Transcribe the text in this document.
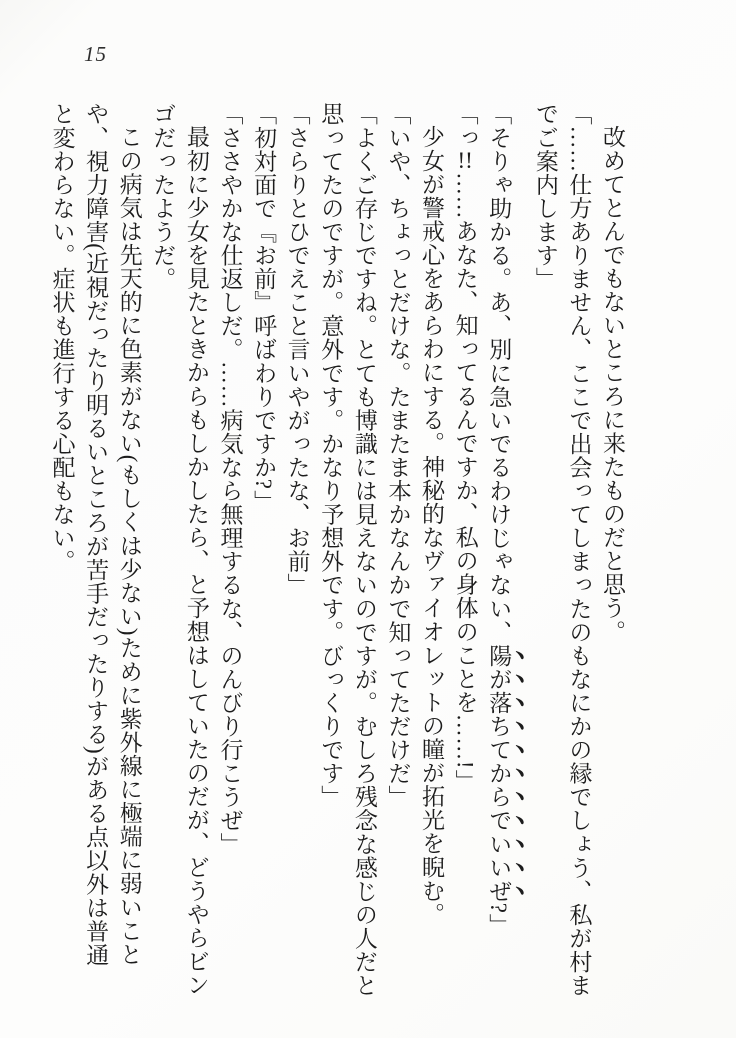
15
改めてとんでもないところに来たものだと思う。
「……仕方ありません、ここで出会ってしまったのもなにかの縁でしょう、私が村ま
でご案内します」
「そりゃ助かる。あ、別に急いでるわけじゃない、陽が落ちてからでいいぜ?」
「っ!!……あなた、知ってるんですか、私の身体のことを……!」
少女が警戒心をあらわにする。神秘的なヴァイオレットの瞳が拓光を睨む。
「いや、ちょっとだけな。たまたま本かなんかで知ってただけだ」
「よくご存じですね。とても博識には見えないのですが。むしろ残念な感じの人だと
思ってたのですが。意外です。かなり予想外です。びっくりです」
「さらりとひでえこと言いやがったな、お前」
「初対面で『お前』呼ばわりですか?」
「ささやかな仕返しだ。……病気なら無理するな、のんびり行こうぜ」
最初に少女を見たときからもしかしたら、と予想はしていたのだが、どうやらビン
ゴだったようだ。
この病気は先天的に色素がない(もしくは少ない)ために紫外線に極端に弱いこと
や、視力障害(近視だったり明るいところが苦手だったりする)がある点以外は普通
と変わらない。症状も進行する心配もない。
